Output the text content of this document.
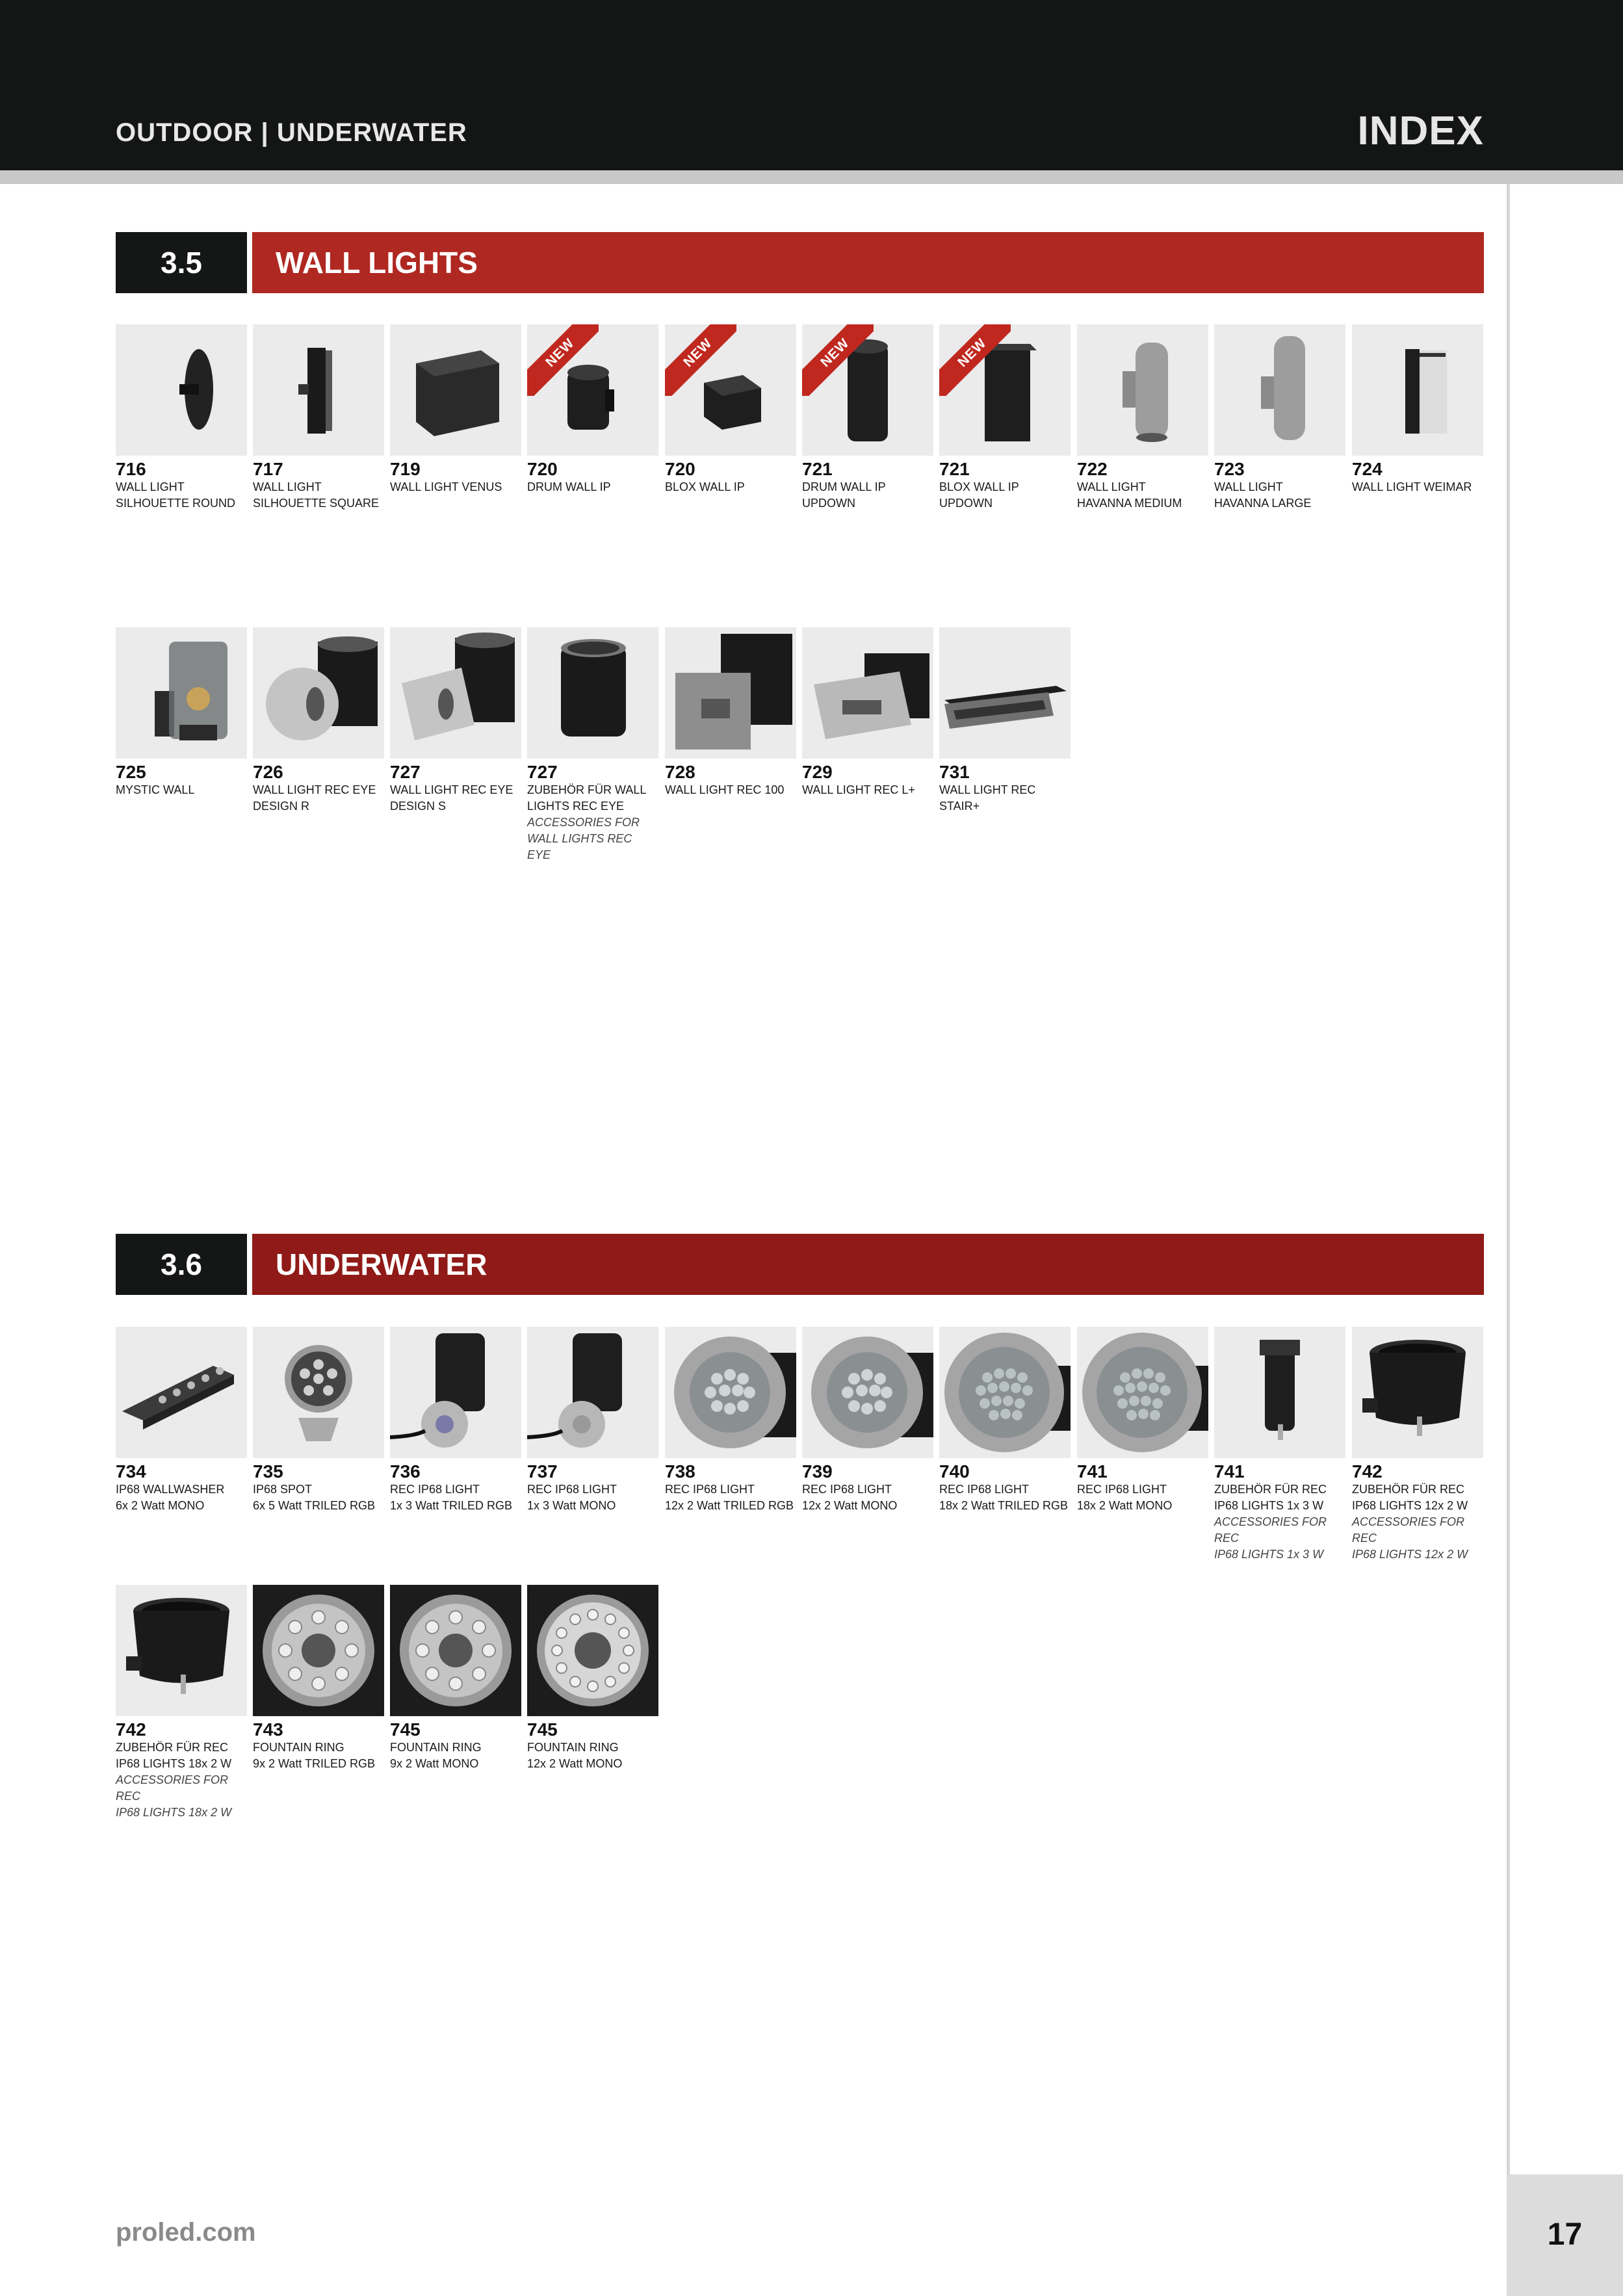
OUTDOOR | UNDERWATER	INDEX
3.5	WALL LIGHTS
716
WALL LIGHT
SILHOUETTE ROUND
717
WALL LIGHT
SILHOUETTE SQUARE
719
WALL LIGHT VENUS
NEW
720
DRUM WALL IP
NEW
720
BLOX WALL IP
NEW
721
DRUM WALL IP
UPDOWN
NEW
721
BLOX WALL IP
UPDOWN
722
WALL LIGHT
HAVANNA MEDIUM
723
WALL LIGHT
HAVANNA LARGE
724
WALL LIGHT WEIMAR
725
MYSTIC WALL
726
WALL LIGHT REC EYE
DESIGN R
727
WALL LIGHT REC EYE
DESIGN S
727
ZUBEHÖR FÜR WALL
LIGHTS REC EYE
ACCESSORIES FOR
WALL LIGHTS REC EYE
728
WALL LIGHT REC 100
729
WALL LIGHT REC L+
731
WALL LIGHT REC STAIR+
3.6	UNDERWATER
734
IP68 WALLWASHER
6x 2 Watt MONO
735
IP68 SPOT
6x 5 Watt TRILED RGB
736
REC IP68 LIGHT
1x 3 Watt TRILED RGB
737
REC IP68 LIGHT
1x 3 Watt MONO
738
REC IP68 LIGHT
12x 2 Watt TRILED RGB
739
REC IP68 LIGHT
12x 2 Watt MONO
740
REC IP68 LIGHT
18x 2 Watt TRILED RGB
741
REC IP68 LIGHT
18x 2 Watt MONO
741
ZUBEHÖR FÜR REC
IP68 LIGHTS 1x 3 W
ACCESSORIES FOR REC
IP68 LIGHTS 1x 3 W
742
ZUBEHÖR FÜR REC
IP68 LIGHTS 12x 2 W
ACCESSORIES FOR REC
IP68 LIGHTS 12x 2 W
742
ZUBEHÖR FÜR REC
IP68 LIGHTS 18x 2 W
ACCESSORIES FOR REC
IP68 LIGHTS 18x 2 W
743
FOUNTAIN RING
9x 2 Watt TRILED RGB
745
FOUNTAIN RING
9x 2 Watt MONO
745
FOUNTAIN RING
12x 2 Watt MONO
proled.com	17
